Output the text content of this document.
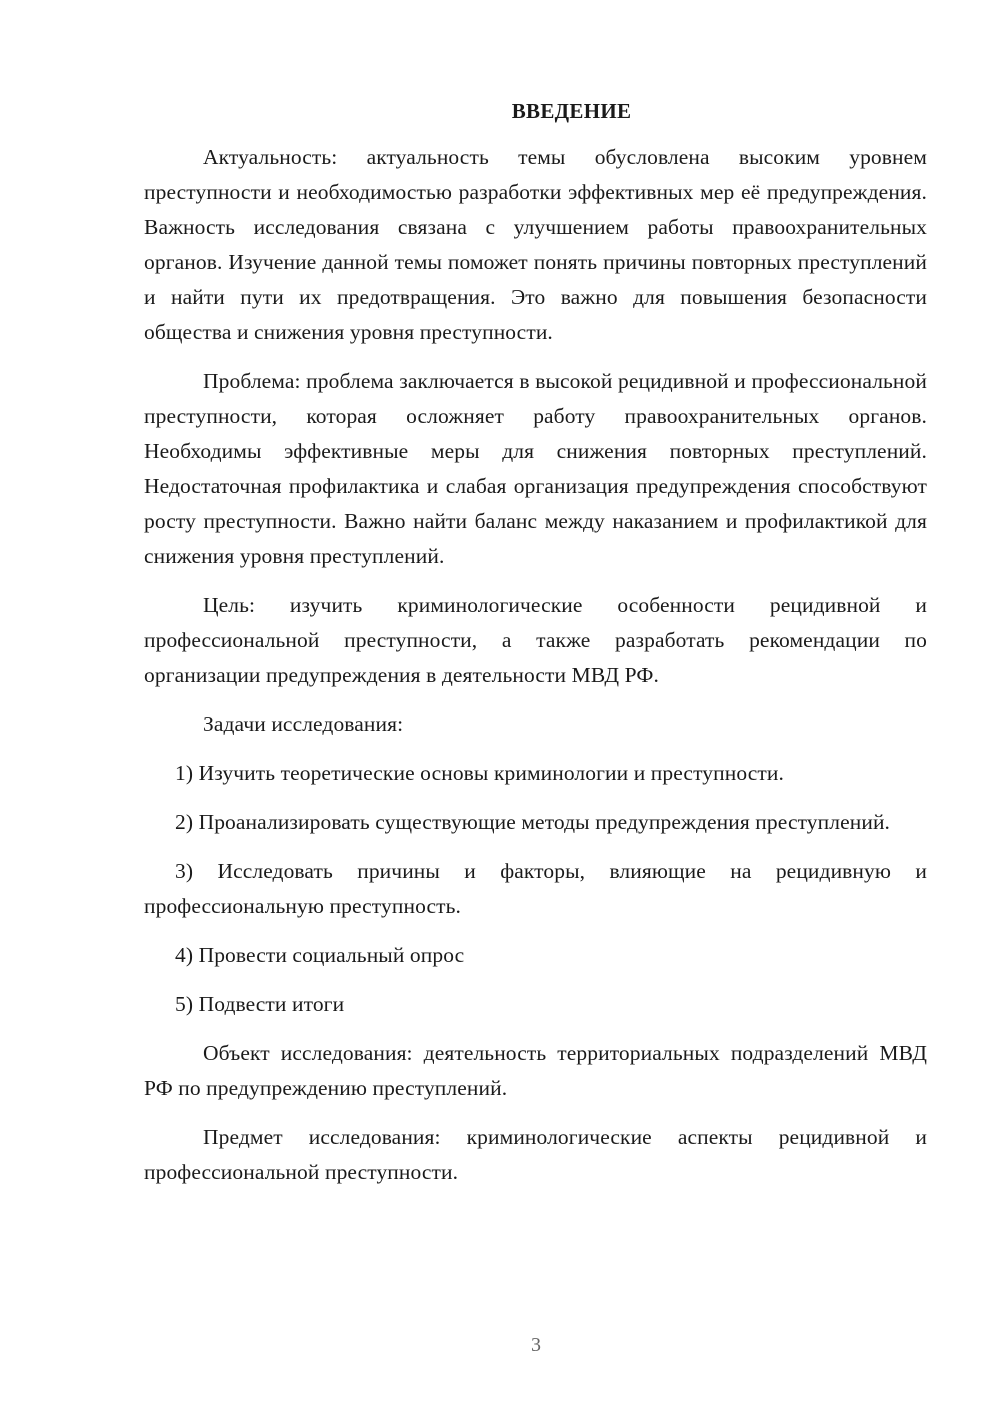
ВВЕДЕНИЕ

Актуальность: актуальность темы обусловлена высоким уровнем преступности и необходимостью разработки эффективных мер её предупреждения. Важность исследования связана с улучшением работы правоохранительных органов. Изучение данной темы поможет понять причины повторных преступлений и найти пути их предотвращения. Это важно для повышения безопасности общества и снижения уровня преступности.

Проблема: проблема заключается в высокой рецидивной и профессиональной преступности, которая осложняет работу правоохранительных органов. Необходимы эффективные меры для снижения повторных преступлений. Недостаточная профилактика и слабая организация предупреждения способствуют росту преступности. Важно найти баланс между наказанием и профилактикой для снижения уровня преступлений.

Цель: изучить криминологические особенности рецидивной и профессиональной преступности, а также разработать рекомендации по организации предупреждения в деятельности МВД РФ.

Задачи исследования:

1) Изучить теоретические основы криминологии и преступности.

2) Проанализировать существующие методы предупреждения преступлений.

3) Исследовать причины и факторы, влияющие на рецидивную и профессиональную преступность.

4) Провести социальный опрос

5) Подвести итоги

Объект исследования: деятельность территориальных подразделений МВД РФ по предупреждению преступлений.

Предмет исследования: криминологические аспекты рецидивной и профессиональной преступности.

3
